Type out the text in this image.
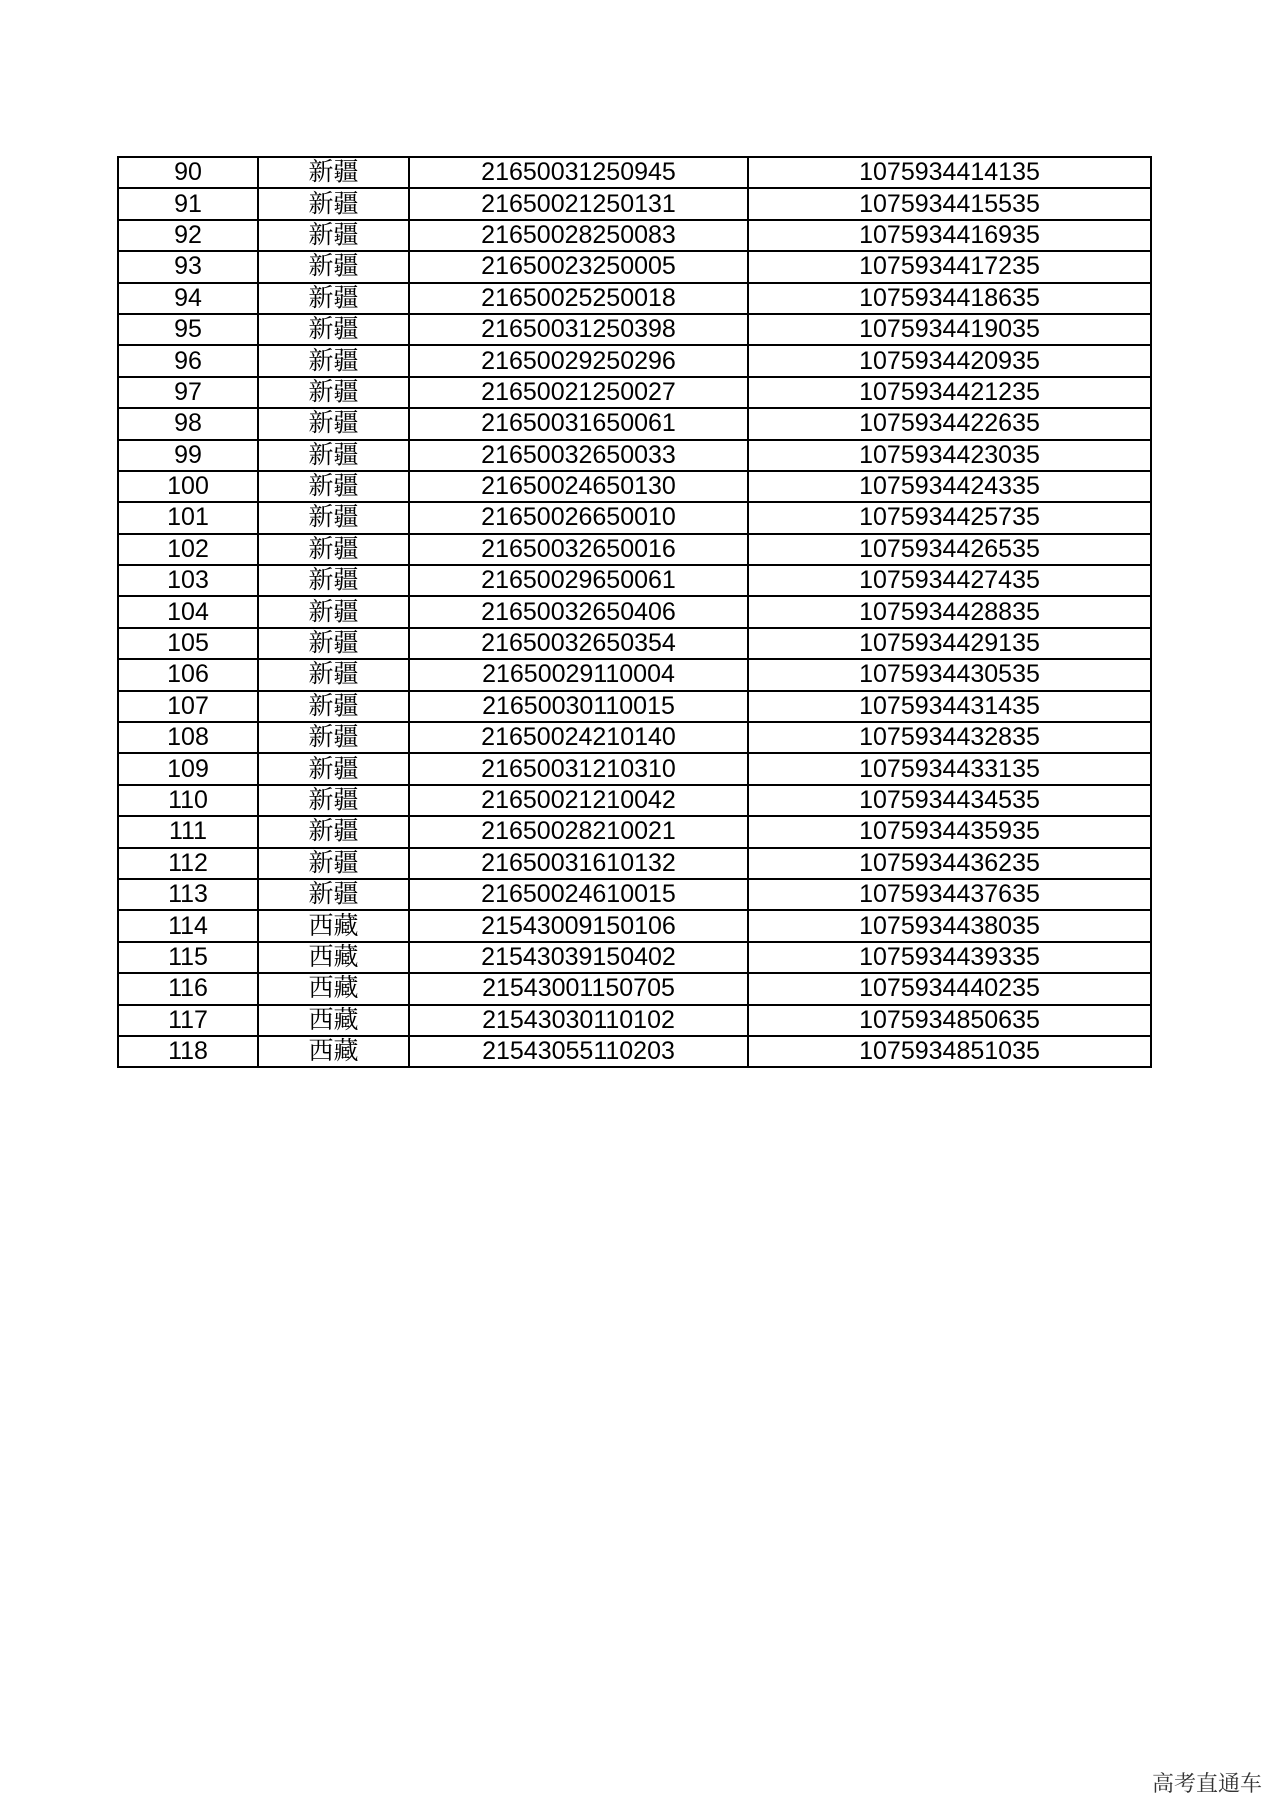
90	新疆	21650031250945	1075934414135
91	新疆	21650021250131	1075934415535
92	新疆	21650028250083	1075934416935
93	新疆	21650023250005	1075934417235
94	新疆	21650025250018	1075934418635
95	新疆	21650031250398	1075934419035
96	新疆	21650029250296	1075934420935
97	新疆	21650021250027	1075934421235
98	新疆	21650031650061	1075934422635
99	新疆	21650032650033	1075934423035
100	新疆	21650024650130	1075934424335
101	新疆	21650026650010	1075934425735
102	新疆	21650032650016	1075934426535
103	新疆	21650029650061	1075934427435
104	新疆	21650032650406	1075934428835
105	新疆	21650032650354	1075934429135
106	新疆	21650029110004	1075934430535
107	新疆	21650030110015	1075934431435
108	新疆	21650024210140	1075934432835
109	新疆	21650031210310	1075934433135
110	新疆	21650021210042	1075934434535
111	新疆	21650028210021	1075934435935
112	新疆	21650031610132	1075934436235
113	新疆	21650024610015	1075934437635
114	西藏	21543009150106	1075934438035
115	西藏	21543039150402	1075934439335
116	西藏	21543001150705	1075934440235
117	西藏	21543030110102	1075934850635
118	西藏	21543055110203	1075934851035
高考直通车
